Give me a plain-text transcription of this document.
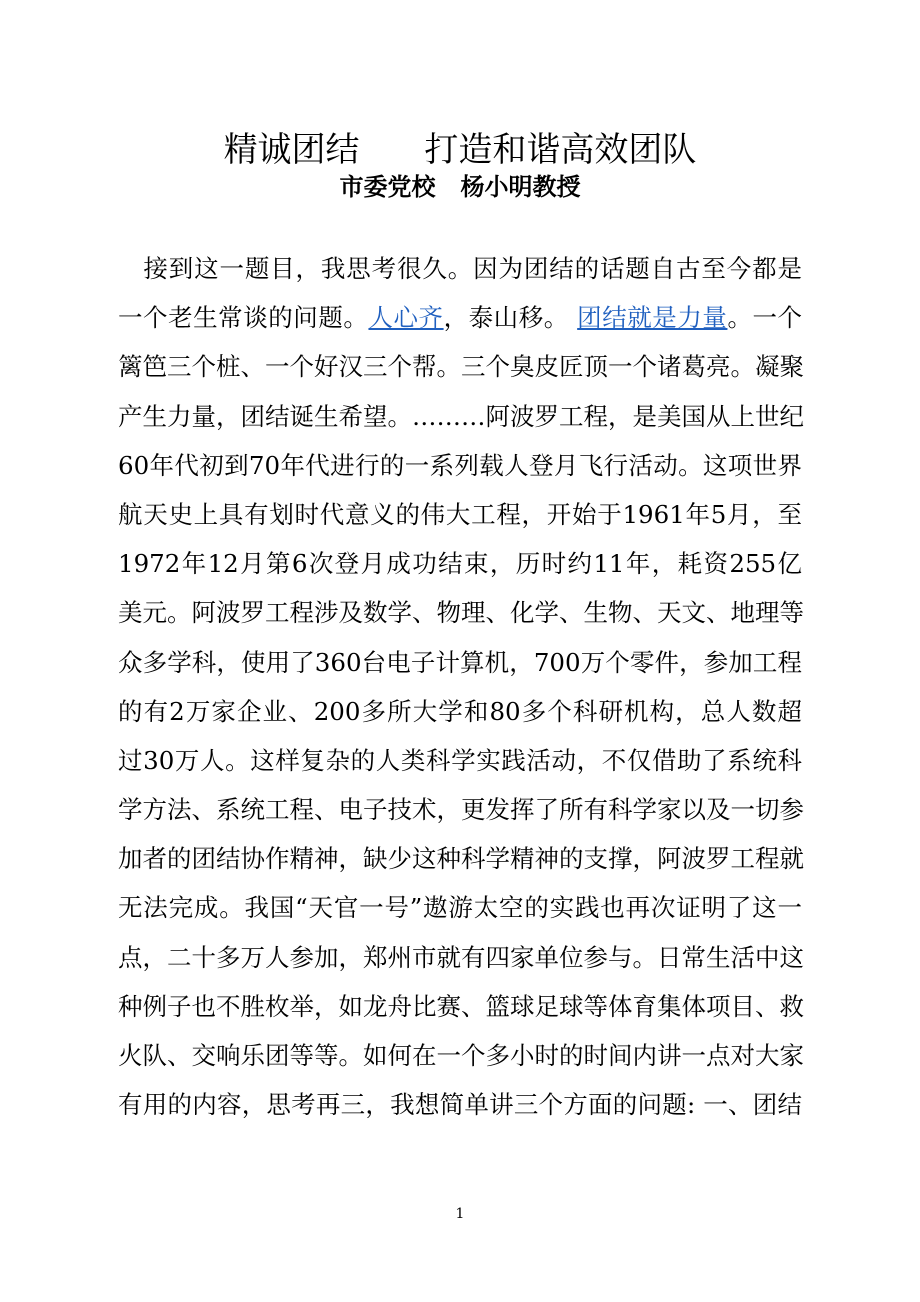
精诚团结      打造和谐高效团队
市委党校   杨小明教授
　接到这一题目，我思考很久。因为团结的话题自古至今都是
一个老生常谈的问题。人心齐，泰山移。 团结就是力量。一个
篱笆三个桩、一个好汉三个帮。三个臭皮匠顶一个诸葛亮。凝聚
产生力量，团结诞生希望。………阿波罗工程，是美国从上世纪
60年代初到70年代进行的一系列载人登月飞行活动。这项世界
航天史上具有划时代意义的伟大工程，开始于1961年5月，至
1972年12月第6次登月成功结束，历时约11年，耗资255亿
美元。阿波罗工程涉及数学、物理、化学、生物、天文、地理等
众多学科，使用了360台电子计算机，700万个零件，参加工程
的有2万家企业、200多所大学和80多个科研机构，总人数超
过30万人。这样复杂的人类科学实践活动，不仅借助了系统科
学方法、系统工程、电子技术，更发挥了所有科学家以及一切参
加者的团结协作精神，缺少这种科学精神的支撑，阿波罗工程就
无法完成。我国“天官一号”遨游太空的实践也再次证明了这一
点，二十多万人参加，郑州市就有四家单位参与。日常生活中这
种例子也不胜枚举，如龙舟比赛、篮球足球等体育集体项目、救
火队、交响乐团等等。如何在一个多小时的时间内讲一点对大家
有用的内容，思考再三，我想简单讲三个方面的问题: 一、团结
1
